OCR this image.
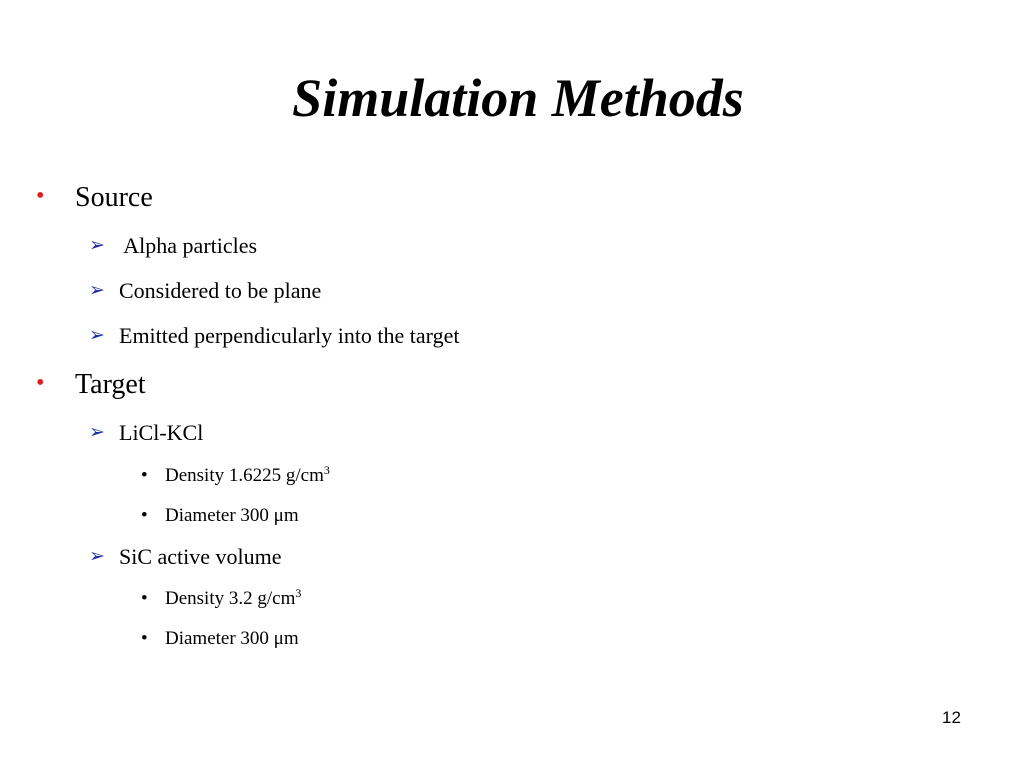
Simulation Methods
• Source
➢ Alpha particles
➢ Considered to be plane
➢ Emitted perpendicularly into the target
• Target
➢ LiCl-KCl
• Density 1.6225 $g/cm^3$
• Diameter 300 μm
➢ SiC active volume
• Density 3.2 $g/cm^3$
• Diameter 300 μm
12
